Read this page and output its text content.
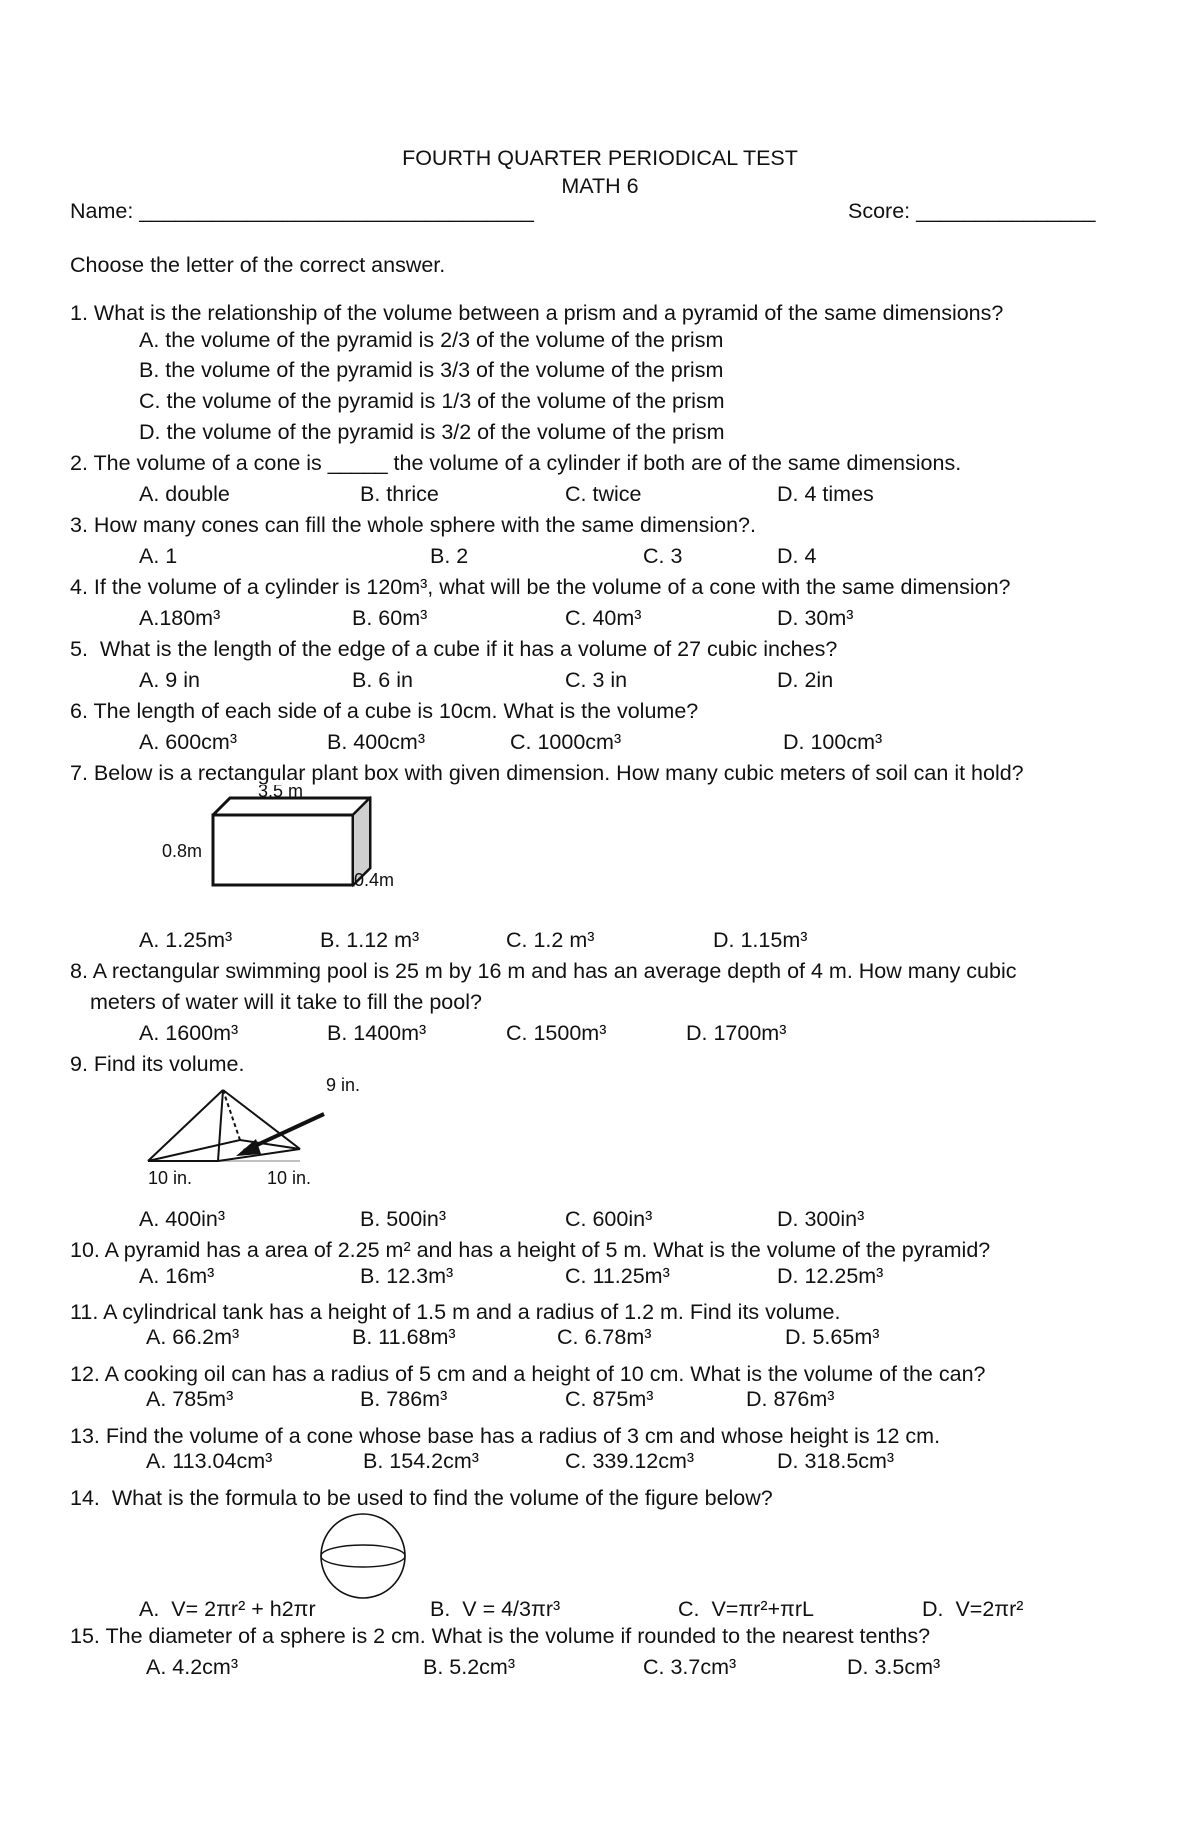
FOURTH QUARTER PERIODICAL TEST
MATH 6
Name: _________________________________	Score: _______________
Choose the letter of the correct answer.
1. What is the relationship of the volume between a prism and a pyramid of the same dimensions?
A. the volume of the pyramid is 2/3 of the volume of the prism
B. the volume of the pyramid is 3/3 of the volume of the prism
C. the volume of the pyramid is 1/3 of the volume of the prism
D. the volume of the pyramid is 3/2 of the volume of the prism
2. The volume of a cone is _____ the volume of a cylinder if both are of the same dimensions.
A. double	B. thrice	C. twice	D. 4 times
3. How many cones can fill the whole sphere with the same dimension?.
A. 1	B. 2	C. 3	D. 4
4. If the volume of a cylinder is 120m³, what will be the volume of a cone with the same dimension?
A.180m³	B. 60m³	C. 40m³	D. 30m³
5.  What is the length of the edge of a cube if it has a volume of 27 cubic inches?
A. 9 in	B. 6 in	C. 3 in	D. 2in
6. The length of each side of a cube is 10cm. What is the volume?
A. 600cm³	B. 400cm³	C. 1000cm³	D. 100cm³
7. Below is a rectangular plant box with given dimension. How many cubic meters of soil can it hold?
3.5 m
0.8m
0.4m
A. 1.25m³	B. 1.12 m³	C. 1.2 m³	D. 1.15m³
8. A rectangular swimming pool is 25 m by 16 m and has an average depth of 4 m. How many cubic
meters of water will it take to fill the pool?
A. 1600m³	B. 1400m³	C. 1500m³	D. 1700m³
9. Find its volume.
9 in.
10 in.	10 in.
A. 400in³	B. 500in³	C. 600in³	D. 300in³
10. A pyramid has a area of 2.25 m² and has a height of 5 m. What is the volume of the pyramid?
A. 16m³	B. 12.3m³	C. 11.25m³	D. 12.25m³
11. A cylindrical tank has a height of 1.5 m and a radius of 1.2 m. Find its volume.
A. 66.2m³	B. 11.68m³	C. 6.78m³	D. 5.65m³
12. A cooking oil can has a radius of 5 cm and a height of 10 cm. What is the volume of the can?
A. 785m³	B. 786m³	C. 875m³	D. 876m³
13. Find the volume of a cone whose base has a radius of 3 cm and whose height is 12 cm.
A. 113.04cm³	B. 154.2cm³	C. 339.12cm³	D. 318.5cm³
14.  What is the formula to be used to find the volume of the figure below?
A.  V= 2πr² + h2πr	B.  V = 4/3πr³	C.  V=πr²+πrL	D.  V=2πr²
15. The diameter of a sphere is 2 cm. What is the volume if rounded to the nearest tenths?
A. 4.2cm³	B. 5.2cm³	C. 3.7cm³	D. 3.5cm³
